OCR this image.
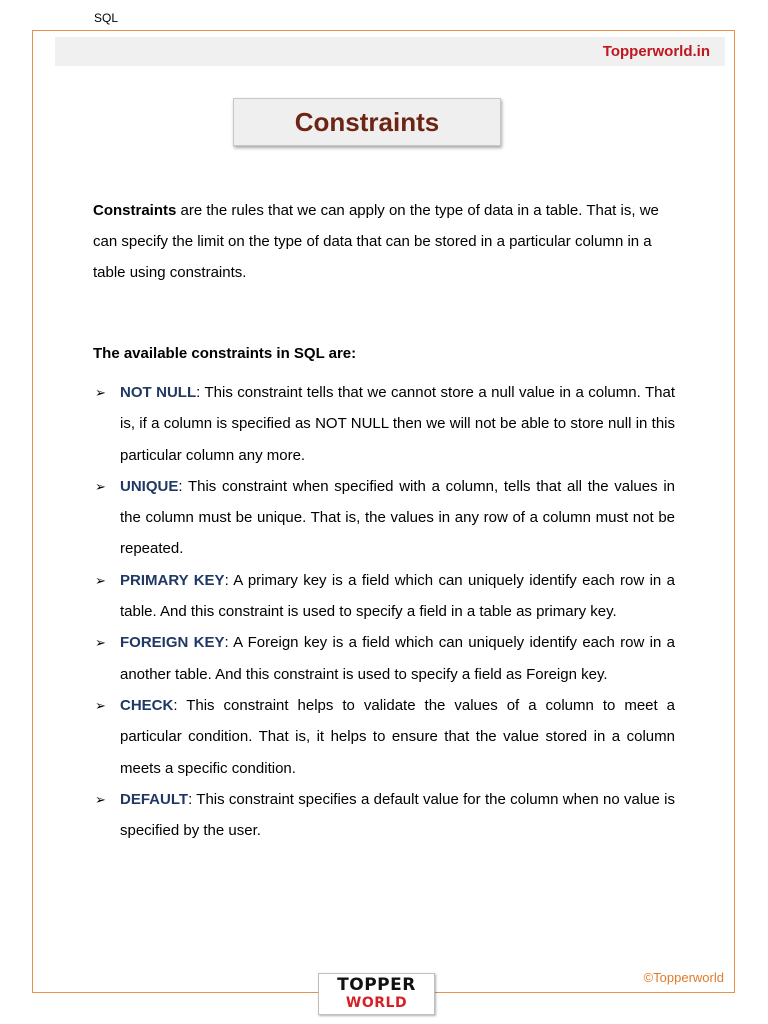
SQL
Topperworld.in
Constraints

Constraints are the rules that we can apply on the type of data in a table. That is, we can specify the limit on the type of data that can be stored in a particular column in a table using constraints.

The available constraints in SQL are:

➢ NOT NULL: This constraint tells that we cannot store a null value in a column. That is, if a column is specified as NOT NULL then we will not be able to store null in this particular column any more.
➢ UNIQUE: This constraint when specified with a column, tells that all the values in the column must be unique. That is, the values in any row of a column must not be repeated.
➢ PRIMARY KEY: A primary key is a field which can uniquely identify each row in a table. And this constraint is used to specify a field in a table as primary key.
➢ FOREIGN KEY: A Foreign key is a field which can uniquely identify each row in a another table. And this constraint is used to specify a field as Foreign key.
➢ CHECK: This constraint helps to validate the values of a column to meet a particular condition. That is, it helps to ensure that the value stored in a column meets a specific condition.
➢ DEFAULT: This constraint specifies a default value for the column when no value is specified by the user.
©Topperworld
TOPPER
WORLD
